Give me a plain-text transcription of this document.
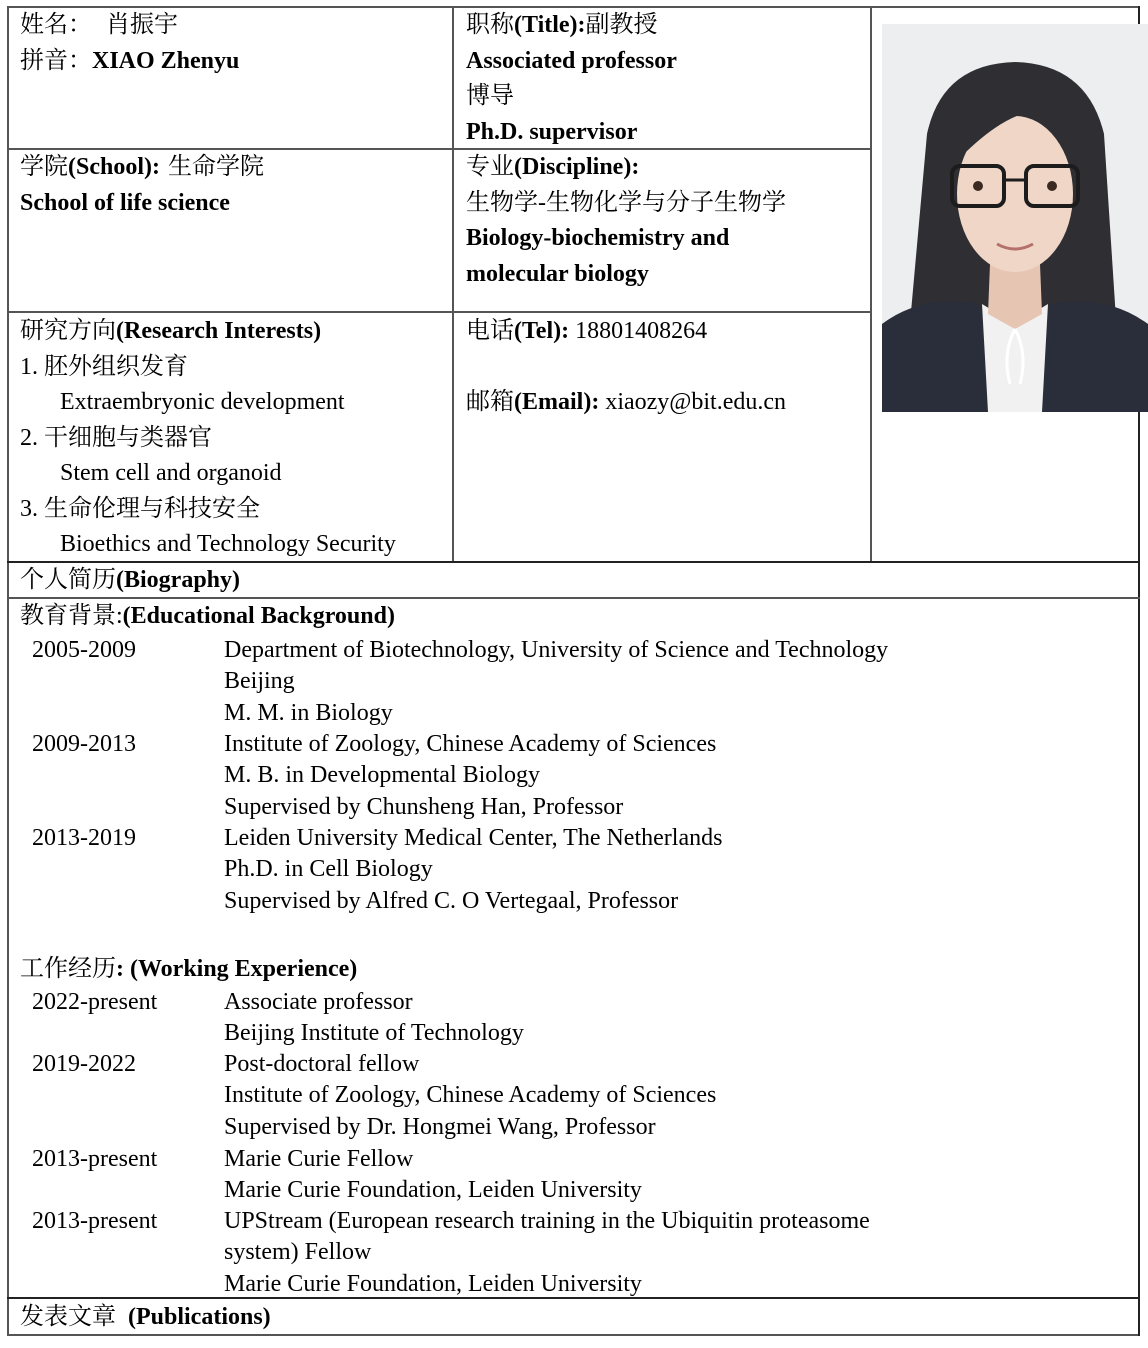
姓名： 肖振宇
拼音：XIAO Zhenyu
职称(Title):副教授
Associated professor
博导
Ph.D. supervisor
学院(School): 生命学院
School of life science
专业(Discipline):
生物学-生物化学与分子生物学
Biology-biochemistry and
molecular biology
研究方向(Research Interests)
1. 胚外组织发育
Extraembryonic development
2. 干细胞与类器官
Stem cell and organoid
3. 生命伦理与科技安全
Bioethics and Technology Security
电话(Tel): 18801408264
邮箱(Email): xiaozy@bit.edu.cn
个人简历(Biography)
教育背景:(Educational Background)
2005-2009	Department of Biotechnology, University of Science and Technology
Beijing
M. M. in Biology
2009-2013	Institute of Zoology, Chinese Academy of Sciences
M. B. in Developmental Biology
Supervised by Chunsheng Han, Professor
2013-2019	Leiden University Medical Center, The Netherlands
Ph.D. in Cell Biology
Supervised by Alfred C. O Vertegaal, Professor
工作经历: (Working Experience)
2022-present	Associate professor
Beijing Institute of Technology
2019-2022	Post-doctoral fellow
Institute of Zoology, Chinese Academy of Sciences
Supervised by Dr. Hongmei Wang, Professor
2013-present	Marie Curie Fellow
Marie Curie Foundation, Leiden University
2013-present	UPStream (European research training in the Ubiquitin proteasome
system) Fellow
Marie Curie Foundation, Leiden University
发表文章 (Publications)
